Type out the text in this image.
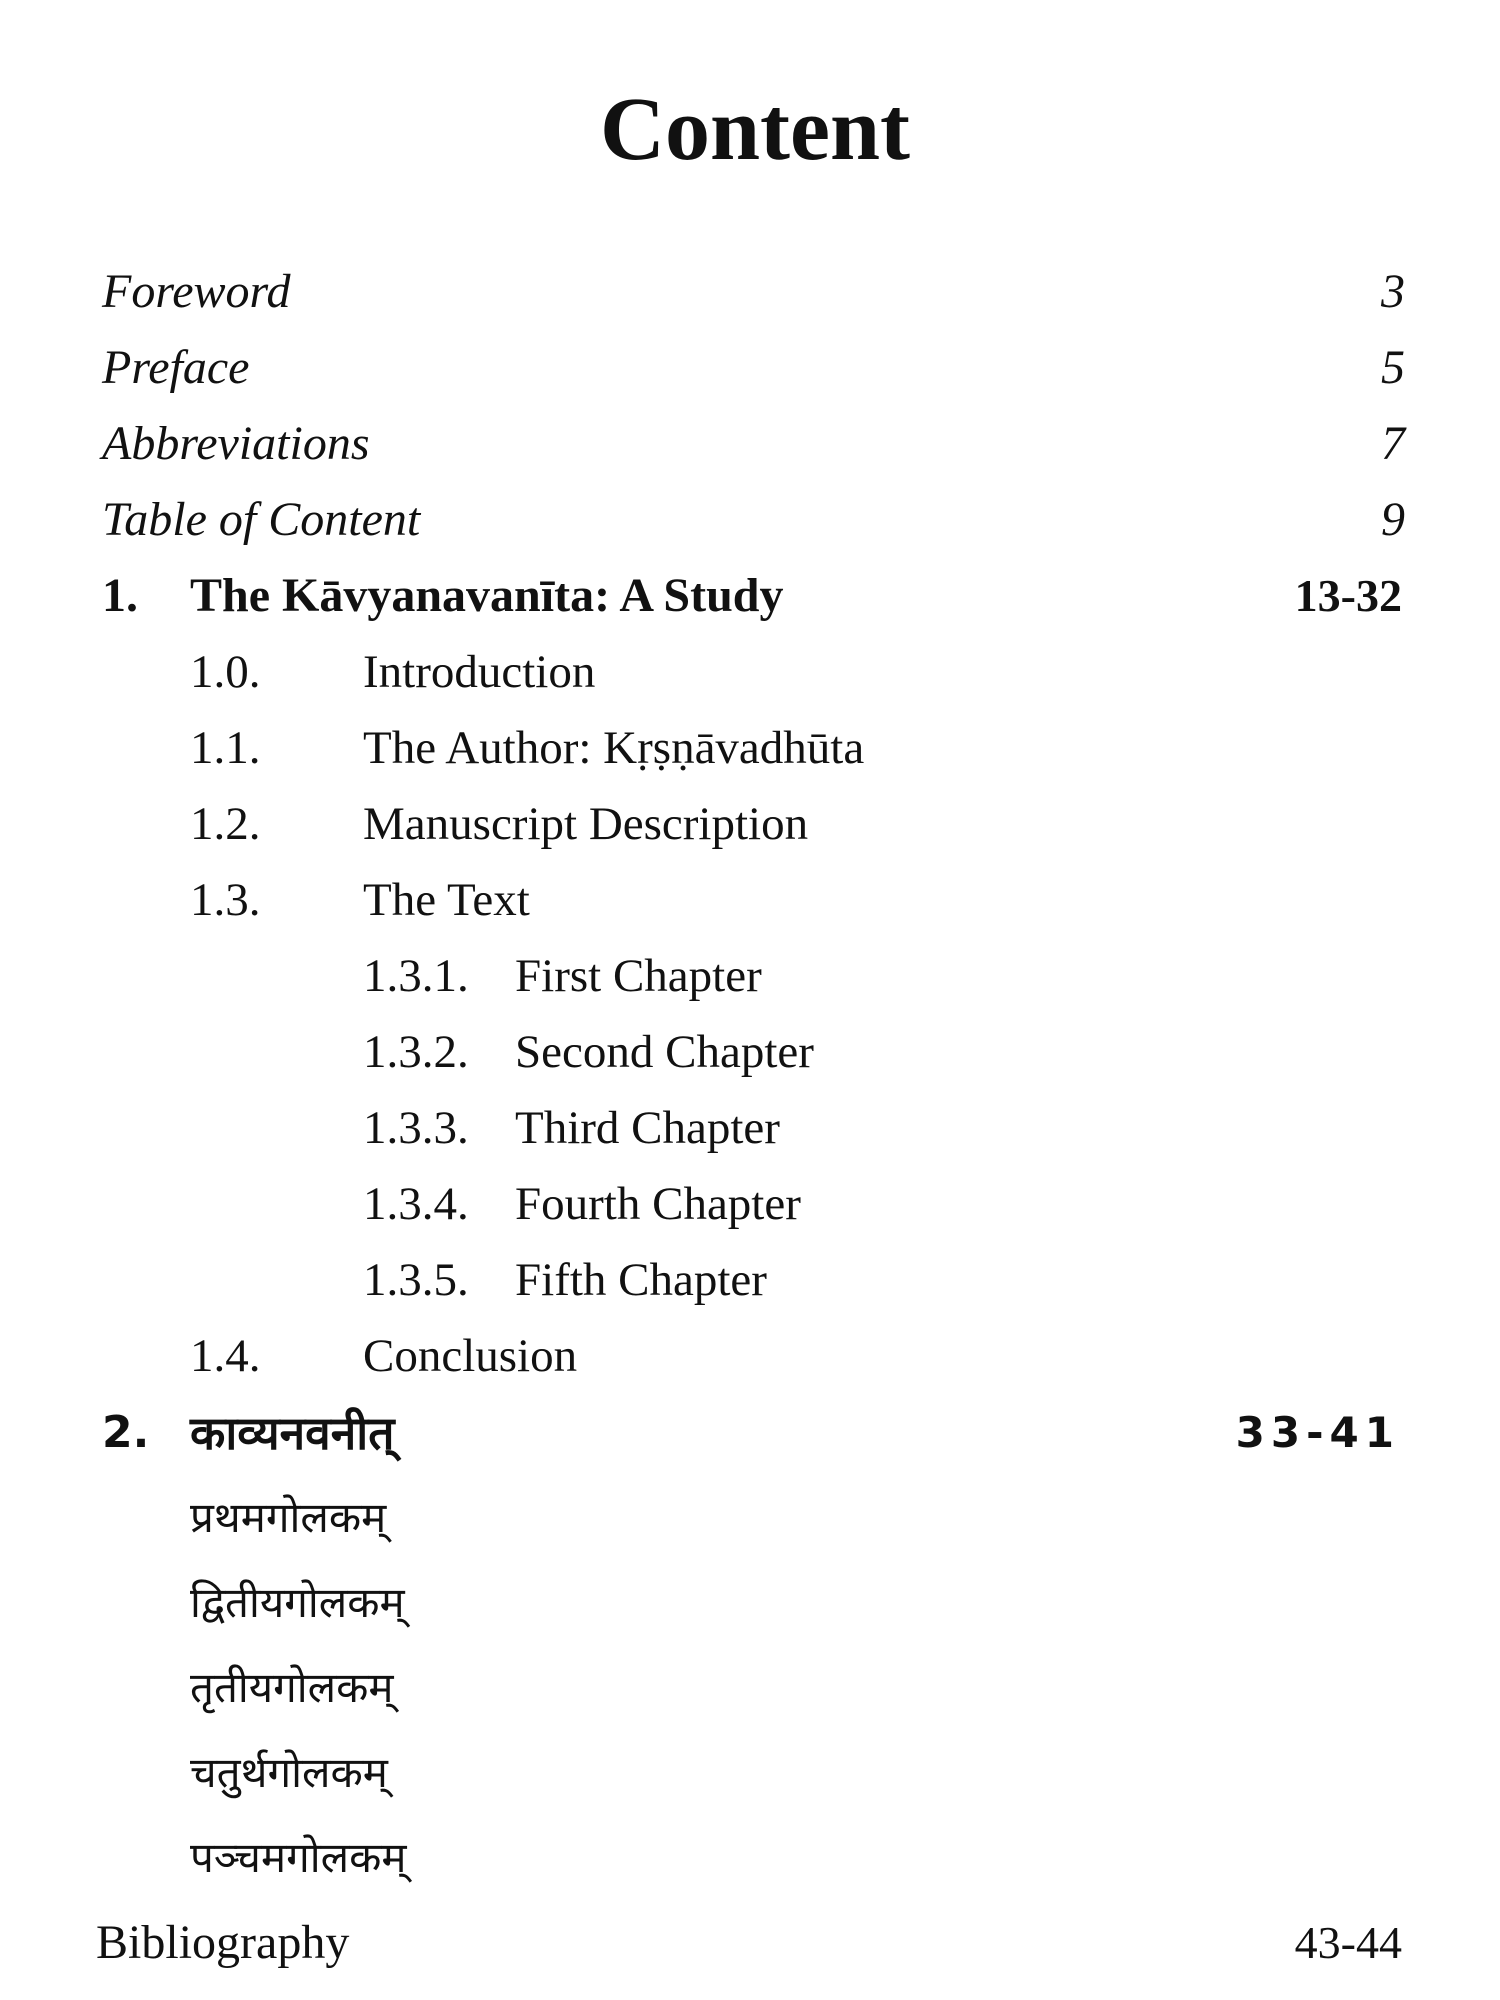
Content
Foreword	3
Preface	5
Abbreviations	7
Table of Content	9
1. The Kāvyanavanīta: A Study	13-32
1.0. Introduction
1.1. The Author: Kṛṣṇāvadhūta
1.2. Manuscript Description
1.3. The Text
1.3.1. First Chapter
1.3.2. Second Chapter
1.3.3. Third Chapter
1.3.4. Fourth Chapter
1.3.5. Fifth Chapter
1.4. Conclusion
2. काव्यनवनीत्	33-41
प्रथमगोलकम्
द्वितीयगोलकम्
तृतीयगोलकम्
चतुर्थगोलकम्
पञ्चमगोलकम्
Bibliography	43-44
